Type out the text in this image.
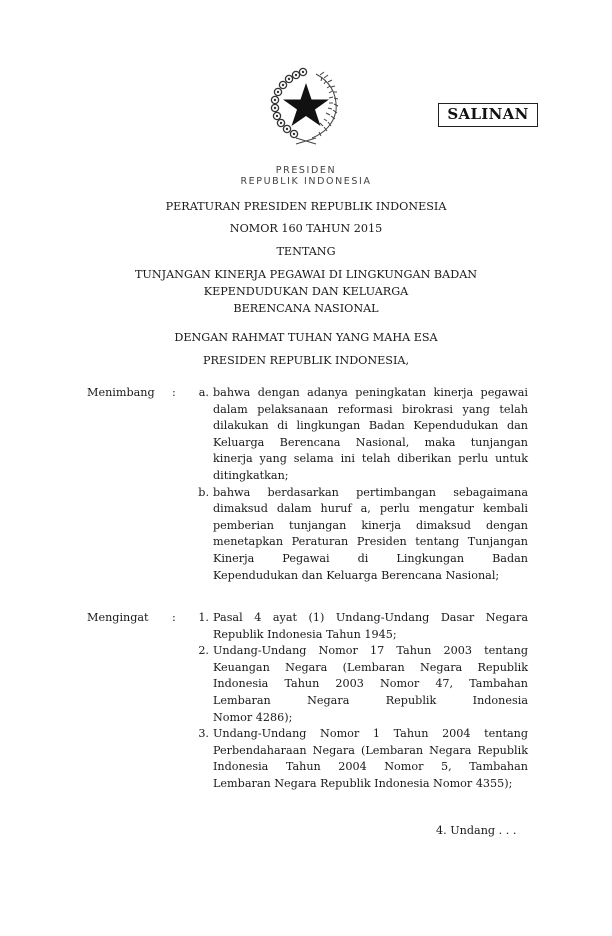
SALINAN
PRESIDEN
REPUBLIK INDONESIA
PERATURAN PRESIDEN REPUBLIK INDONESIA
NOMOR 160 TAHUN 2015
TENTANG
TUNJANGAN KINERJA PEGAWAI DI LINGKUNGAN BADAN
KEPENDUDUKAN DAN KELUARGA
BERENCANA NASIONAL
DENGAN RAHMAT TUHAN YANG MAHA ESA
PRESIDEN REPUBLIK INDONESIA,
Menimbang :	a. bahwa dengan adanya peningkatan kinerja pegawai
dalam pelaksanaan reformasi birokrasi yang telah
dilakukan di lingkungan Badan Kependudukan dan
Keluarga Berencana Nasional, maka tunjangan
kinerja yang selama ini telah diberikan perlu untuk
ditingkatkan;
b. bahwa berdasarkan pertimbangan sebagaimana
dimaksud dalam huruf a, perlu mengatur kembali
pemberian tunjangan kinerja dimaksud dengan
menetapkan Peraturan Presiden tentang Tunjangan
Kinerja Pegawai di Lingkungan Badan
Kependudukan dan Keluarga Berencana Nasional;
Mengingat :	1. Pasal 4 ayat (1) Undang-Undang Dasar Negara
Republik Indonesia Tahun 1945;
2. Undang-Undang Nomor 17 Tahun 2003 tentang
Keuangan Negara (Lembaran Negara Republik
Indonesia Tahun 2003 Nomor 47, Tambahan
Lembaran Negara Republik Indonesia
Nomor 4286);
3. Undang-Undang Nomor 1 Tahun 2004 tentang
Perbendaharaan Negara (Lembaran Negara Republik
Indonesia Tahun 2004 Nomor 5, Tambahan
Lembaran Negara Republik Indonesia Nomor 4355);
4. Undang . . .
